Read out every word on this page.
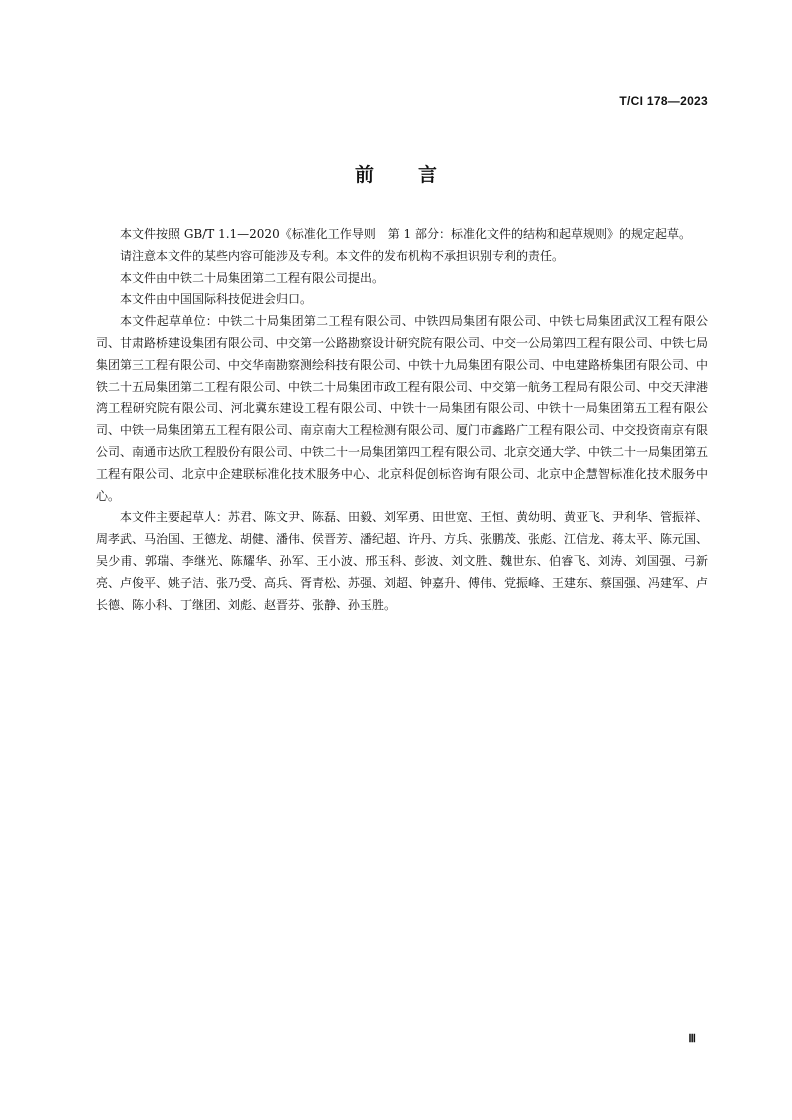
T/CI 178—2023
前 言

本文件按照 GB/T 1.1—2020《标准化工作导则　第 1 部分：标准化文件的结构和起草规则》的规定起草。

请注意本文件的某些内容可能涉及专利。本文件的发布机构不承担识别专利的责任。

本文件由中铁二十局集团第二工程有限公司提出。

本文件由中国国际科技促进会归口。

本文件起草单位：中铁二十局集团第二工程有限公司、中铁四局集团有限公司、中铁七局集团武汉工程有限公司、甘肃路桥建设集团有限公司、中交第一公路勘察设计研究院有限公司、中交一公局第四工程有限公司、中铁七局集团第三工程有限公司、中交华南勘察测绘科技有限公司、中铁十九局集团有限公司、中电建路桥集团有限公司、中铁二十五局集团第二工程有限公司、中铁二十局集团市政工程有限公司、中交第一航务工程局有限公司、中交天津港湾工程研究院有限公司、河北冀东建设工程有限公司、中铁十一局集团有限公司、中铁十一局集团第五工程有限公司、中铁一局集团第五工程有限公司、南京南大工程检测有限公司、厦门市鑫路广工程有限公司、中交投资南京有限公司、南通市达欣工程股份有限公司、中铁二十一局集团第四工程有限公司、北京交通大学、中铁二十一局集团第五工程有限公司、北京中企建联标准化技术服务中心、北京科促创标咨询有限公司、北京中企慧智标准化技术服务中心。

本文件主要起草人：苏君、陈文尹、陈磊、田毅、刘军勇、田世宽、王恒、黄幼明、黄亚飞、尹利华、管振祥、周孝武、马治国、王德龙、胡健、潘伟、侯晋芳、潘纪超、许丹、方兵、张鹏茂、张彪、江信龙、蒋太平、陈元国、吴少甫、郭瑞、李继光、陈耀华、孙军、王小波、邢玉科、彭波、刘文胜、魏世东、伯睿飞、刘涛、刘国强、弓新亮、卢俊平、姚子洁、张乃受、高兵、胥青松、苏强、刘超、钟嘉升、傅伟、党振峰、王建东、蔡国强、冯建军、卢长德、陈小科、丁继团、刘彪、赵晋芬、张静、孙玉胜。

Ⅲ
